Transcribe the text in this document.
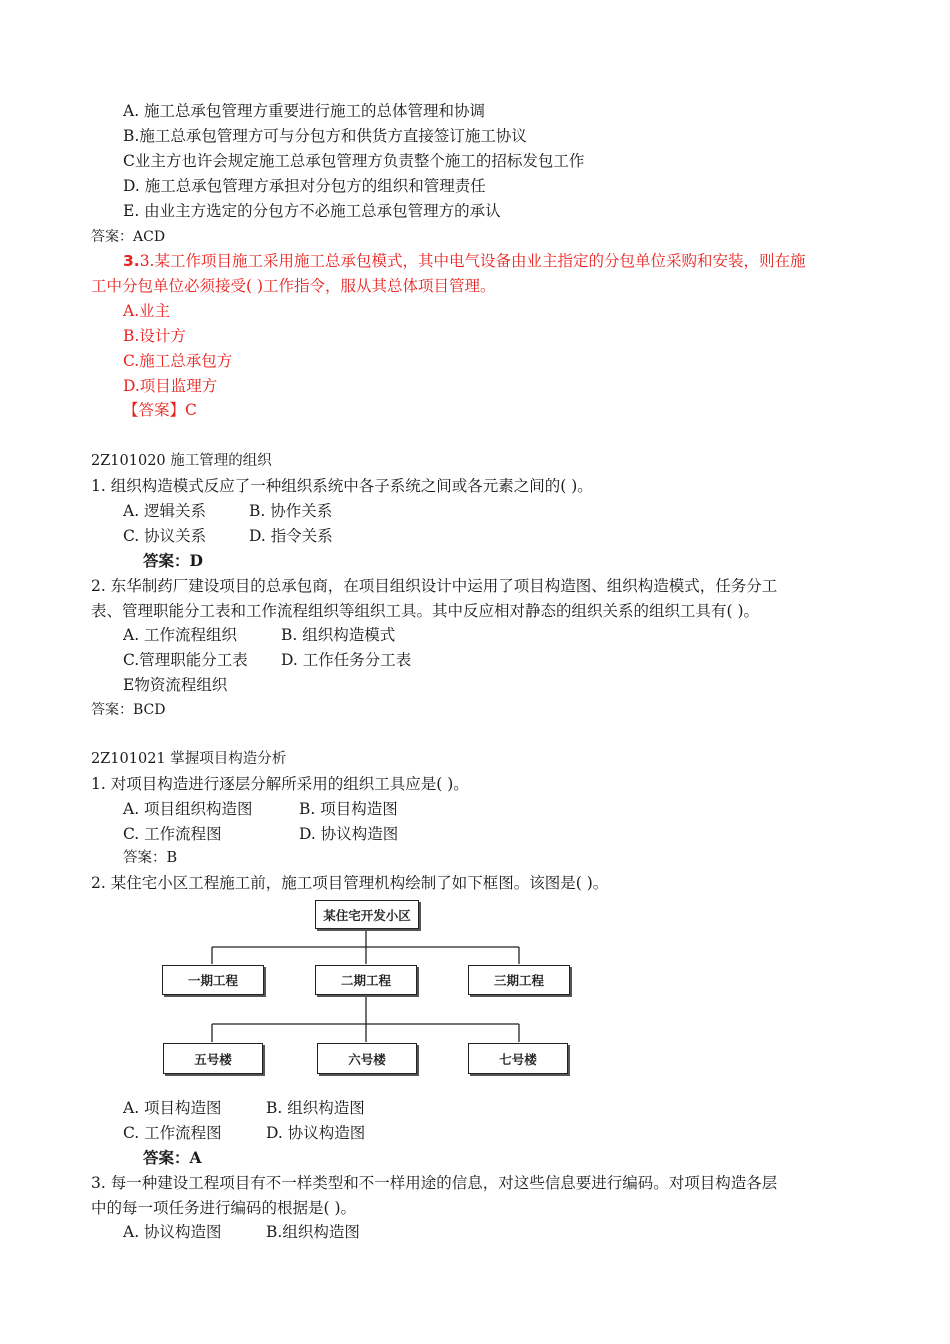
A. 施工总承包管理方重要进行施工的总体管理和协调
B.施工总承包管理方可与分包方和供货方直接签订施工协议
C业主方也许会规定施工总承包管理方负责整个施工的招标发包工作
D. 施工总承包管理方承担对分包方的组织和管理责任
E. 由业主方选定的分包方不必施工总承包管理方的承认
答案：ACD
3.3.某工作项目施工采用施工总承包模式，其中电气设备由业主指定的分包单位采购和安装，则在施
工中分包单位必须接受( )工作指令，服从其总体项目管理。
A.业主
B.设计方
C.施工总承包方
D.项目监理方
【答案】C
2Z101020 施工管理的组织
1. 组织构造模式反应了一种组织系统中各子系统之间或各元素之间的( )。
A. 逻辑关系	B. 协作关系
C. 协议关系	D. 指令关系
答案：D
2. 东华制药厂建设项目的总承包商，在项目组织设计中运用了项目构造图、组织构造模式，任务分工
表、管理职能分工表和工作流程组织等组织工具。其中反应相对静态的组织关系的组织工具有( )。
A. 工作流程组织	B. 组织构造模式
C.管理职能分工表 D. 工作任务分工表
E物资流程组织
答案：BCD
2Z101021 掌握项目构造分析
1. 对项目构造进行逐层分解所采用的组织工具应是( )。
A. 项目组织构造图	B. 项目构造图
C. 工作流程图	D. 协议构造图
答案：B
2. 某住宅小区工程施工前，施工项目管理机构绘制了如下框图。该图是( )。
某住宅开发小区
一期工程	二期工程	三期工程
五号楼	六号楼	七号楼
A. 项目构造图	B. 组织构造图
C. 工作流程图	D. 协议构造图
答案：A
3. 每一种建设工程项目有不一样类型和不一样用途的信息，对这些信息要进行编码。对项目构造各层
中的每一项任务进行编码的根据是( )。
A. 协议构造图	B.组织构造图
